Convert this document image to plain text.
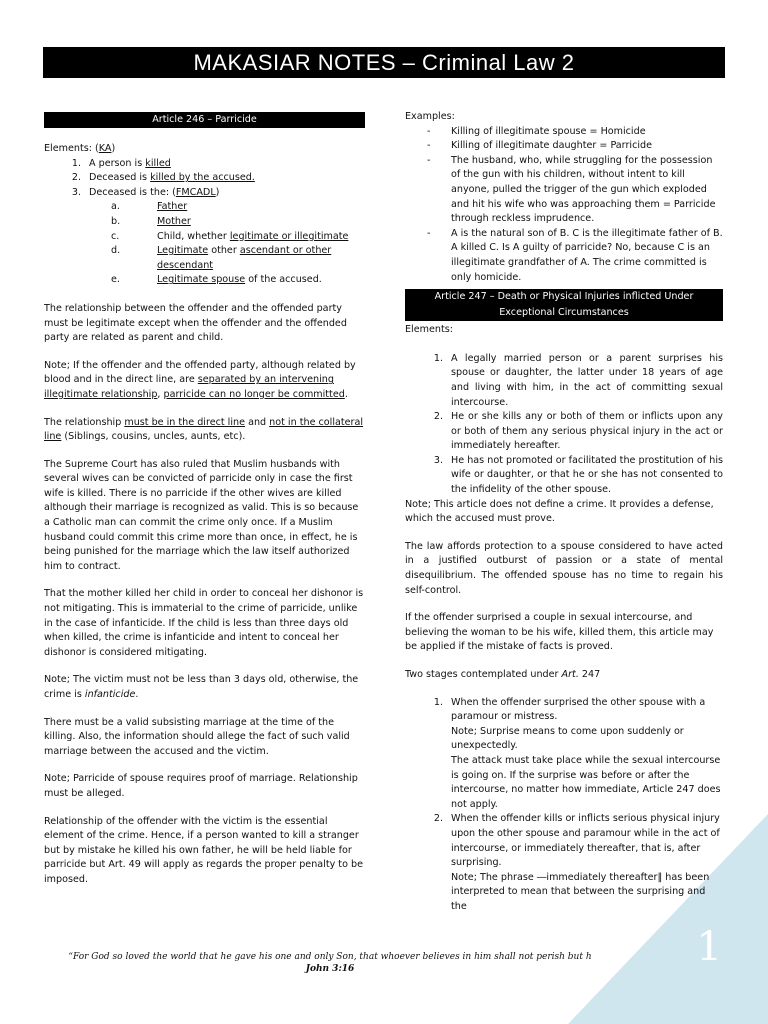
1
MAKASIAR NOTES – Criminal Law 2
Article 246 – Parricide
Elements: (KA)
1. A person is killed
2. Deceased is killed by the accused.
3. Deceased is the: (FMCADL)
a.	Father
b.	Mother
c.	Child, whether legitimate or illegitimate
d.	Legitimate other ascendant or other descendant
e.	Legitimate spouse of the accused.

The relationship between the offender and the offended party must be legitimate except when the offender and the offended party are related as parent and child.

Note; If the offender and the offended party, although related by blood and in the direct line, are separated by an intervening illegitimate relationship, parricide can no longer be committed.

The relationship must be in the direct line and not in the collateral line (Siblings, cousins, uncles, aunts, etc).

The Supreme Court has also ruled that Muslim husbands with several wives can be convicted of parricide only in case the first wife is killed. There is no parricide if the other wives are killed although their marriage is recognized as valid. This is so because a Catholic man can commit the crime only once. If a Muslim husband could commit this crime more than once, in effect, he is being punished for the marriage which the law itself authorized him to contract.

That the mother killed her child in order to conceal her dishonor is not mitigating. This is immaterial to the crime of parricide, unlike in the case of infanticide. If the child is less than three days old when killed, the crime is infanticide and intent to conceal her dishonor is considered mitigating.

Note; The victim must not be less than 3 days old, otherwise, the crime is infanticide.

There must be a valid subsisting marriage at the time of the killing. Also, the information should allege the fact of such valid marriage between the accused and the victim.

Note; Parricide of spouse requires proof of marriage. Relationship must be alleged.

Relationship of the offender with the victim is the essential element of the crime. Hence, if a person wanted to kill a stranger but by mistake he killed his own father, he will be held liable for parricide but Art. 49 will apply as regards the proper penalty to be imposed.

Examples:
-	Killing of illegitimate spouse = Homicide
-	Killing of illegitimate daughter = Parricide
-	The husband, who, while struggling for the possession of the gun with his children, without intent to kill anyone, pulled the trigger of the gun which exploded and hit his wife who was approaching them = Parricide through reckless imprudence.
-	A is the natural son of B. C is the illegitimate father of B. A killed C. Is A guilty of parricide? No, because C is an illegitimate grandfather of A. The crime committed is only homicide.
Article 247 – Death or Physical Injuries inflicted Under Exceptional Circumstances
Elements:
1. A legally married person or a parent surprises his spouse or daughter, the latter under 18 years of age and living with him, in the act of committing sexual intercourse.
2. He or she kills any or both of them or inflicts upon any or both of them any serious physical injury in the act or immediately hereafter.
3. He has not promoted or facilitated the prostitution of his wife or daughter, or that he or she has not consented to the infidelity of the other spouse.

Note; This article does not define a crime. It provides a defense, which the accused must prove.

The law affords protection to a spouse considered to have acted in a justified outburst of passion or a state of mental disequilibrium. The offended spouse has no time to regain his self-control.

If the offender surprised a couple in sexual intercourse, and believing the woman to be his wife, killed them, this article may be applied if the mistake of facts is proved.

Two stages contemplated under Art. 247

1. When the offender surprised the other spouse with a paramour or mistress.
Note; Surprise means to come upon suddenly or unexpectedly.
The attack must take place while the sexual intercourse is going on. If the surprise was before or after the intercourse, no matter how immediate, Article 247 does not apply.
2. When the offender kills or inflicts serious physical injury upon the other spouse and paramour while in the act of intercourse, or immediately thereafter, that is, after surprising.
Note; The phrase ―immediately thereafter‖ has been interpreted to mean that between the surprising and the
“For God so loved the world that he gave his one and only Son, that whoever believes in him shall not perish but h
John 3:16
